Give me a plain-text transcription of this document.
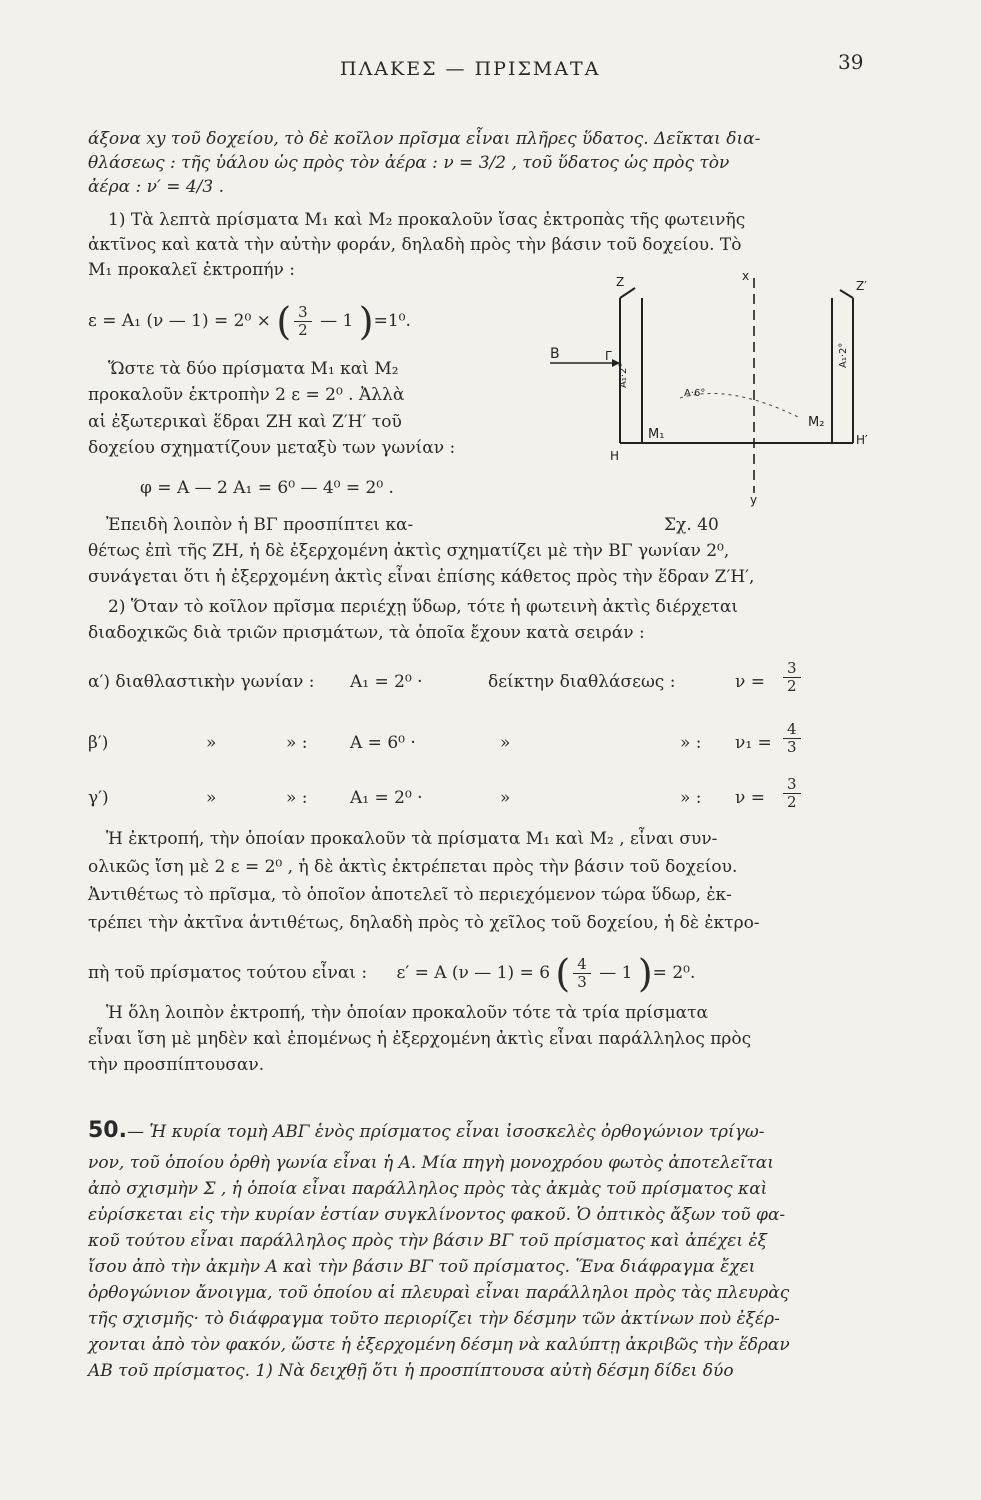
ΠΛΑΚΕΣ — ΠΡΙΣΜΑΤΑ	39
άξονα xy τοῦ δοχείου, τὸ δὲ κοῖλον πρῖσμα εἶναι πλῆρες ὕδατος. Δεῖκται δια-
θλάσεως : τῆς ὑάλου ὡς πρὸς τὸν ἀέρα : ν = 3/2 , τοῦ ὕδατος ὡς πρὸς τὸν
ἀέρα : ν′ = 4/3 .
1) Τὰ λεπτὰ πρίσματα Μ₁ καὶ Μ₂ προκαλοῦν ἴσας ἐκτροπὰς τῆς φωτεινῆς
ἀκτῖνος καὶ κατὰ τὴν αὐτὴν φοράν, δηλαδὴ πρὸς τὴν βάσιν τοῦ δοχείου. Τὸ
Μ₁ προκαλεῖ ἐκτροπήν :
ε = Α₁ (ν — 1) = 2⁰ × ( $\frac{3}{2}$ — 1 )=1⁰.
Ὥστε τὰ δύο πρίσματα Μ₁ καὶ Μ₂
προκαλοῦν ἐκτροπὴν 2 ε = 2⁰ . Ἀλλὰ
αἱ ἐξωτερικαὶ ἕδραι ΖΗ καὶ Ζ′Η′ τοῦ
δοχείου σχηματίζουν μεταξὺ των γωνίαν :
φ = Α — 2 Α₁ = 6⁰ — 4⁰ = 2⁰ .
Ἐπειδὴ λοιπὸν ἡ ΒΓ προσπίπτει κα-	Σχ. 40
θέτως ἐπὶ τῆς ΖΗ, ἡ δὲ ἐξερχομένη ἀκτὶς σχηματίζει μὲ τὴν ΒΓ γωνίαν 2⁰,
συνάγεται ὅτι ἡ ἐξερχομένη ἀκτὶς εἶναι ἐπίσης κάθετος πρὸς τὴν ἕδραν Ζ′Η′,
Z	x
Z′
B	Γ
Α₁·2°
Α₁·2°
Α·6°
M₁
M₂
H
H′
y
2) Ὅταν τὸ κοῖλον πρῖσμα περιέχῃ ὕδωρ, τότε ἡ φωτεινὴ ἀκτὶς διέρχεται
διαδοχικῶς διὰ τριῶν πρισμάτων, τὰ ὁποῖα ἔχουν κατὰ σειράν :
α′) διαθλαστικὴν γωνίαν : Α₁ = 2⁰ ·	δείκτην διαθλάσεως :	$\nu = \frac{3}{2}$
β′)	»	» : Α = 6⁰ ·	»	» : $\nu_1 = \frac{4}{3}$
γ′)	»	» : Α₁ = 2⁰ ·	»	» : $\nu = \frac{3}{2}$
Ἡ ἐκτροπή, τὴν ὁποίαν προκαλοῦν τὰ πρίσματα Μ₁ καὶ Μ₂ , εἶναι συν-
ολικῶς ἴση μὲ 2 ε = 2⁰ , ἡ δὲ ἀκτὶς ἐκτρέπεται πρὸς τὴν βάσιν τοῦ δοχείου.
Ἀντιθέτως τὸ πρῖσμα, τὸ ὁποῖον ἀποτελεῖ τὸ περιεχόμενον τώρα ὕδωρ, ἐκ-
τρέπει τὴν ἀκτῖνα ἀντιθέτως, δηλαδὴ πρὸς τὸ χεῖλος τοῦ δοχείου, ἡ δὲ ἐκτρο-
πὴ τοῦ πρίσματος τούτου εἶναι : ε′ = Α (ν — 1) = 6 ( $\frac{4}{3}$ — 1 )= 2⁰.
Ἡ ὅλη λοιπὸν ἐκτροπή, τὴν ὁποίαν προκαλοῦν τότε τὰ τρία πρίσματα
εἶναι ἴση μὲ μηδὲν καὶ ἐπομένως ἡ ἐξερχομένη ἀκτὶς εἶναι παράλληλος πρὸς
τὴν προσπίπτουσαν.
50.— Ἡ κυρία τομὴ ΑΒΓ ἑνὸς πρίσματος εἶναι ἰσοσκελὲς ὀρθογώνιον τρίγω-
νον, τοῦ ὁποίου ὀρθὴ γωνία εἶναι ἡ Α. Μία πηγὴ μονοχρόου φωτὸς ἀποτελεῖται
ἀπὸ σχισμὴν Σ , ἡ ὁποία εἶναι παράλληλος πρὸς τὰς ἀκμὰς τοῦ πρίσματος καὶ
εὑρίσκεται εἰς τὴν κυρίαν ἑστίαν συγκλίνοντος φακοῦ. Ὁ ὀπτικὸς ἄξων τοῦ φα-
κοῦ τούτου εἶναι παράλληλος πρὸς τὴν βάσιν ΒΓ τοῦ πρίσματος καὶ ἀπέχει ἐξ
ἴσου ἀπὸ τὴν ἀκμὴν Α καὶ τὴν βάσιν ΒΓ τοῦ πρίσματος. Ἕνα διάφραγμα ἔχει
ὀρθογώνιον ἄνοιγμα, τοῦ ὁποίου αἱ πλευραὶ εἶναι παράλληλοι πρὸς τὰς πλευρὰς
τῆς σχισμῆς· τὸ διάφραγμα τοῦτο περιορίζει τὴν δέσμην τῶν ἀκτίνων ποὺ ἐξέρ-
χονται ἀπὸ τὸν φακόν, ὥστε ἡ ἐξερχομένη δέσμη νὰ καλύπτῃ ἀκριβῶς τὴν ἕδραν
ΑΒ τοῦ πρίσματος. 1) Νὰ δειχθῇ ὅτι ἡ προσπίπτουσα αὐτὴ δέσμη δίδει δύο
